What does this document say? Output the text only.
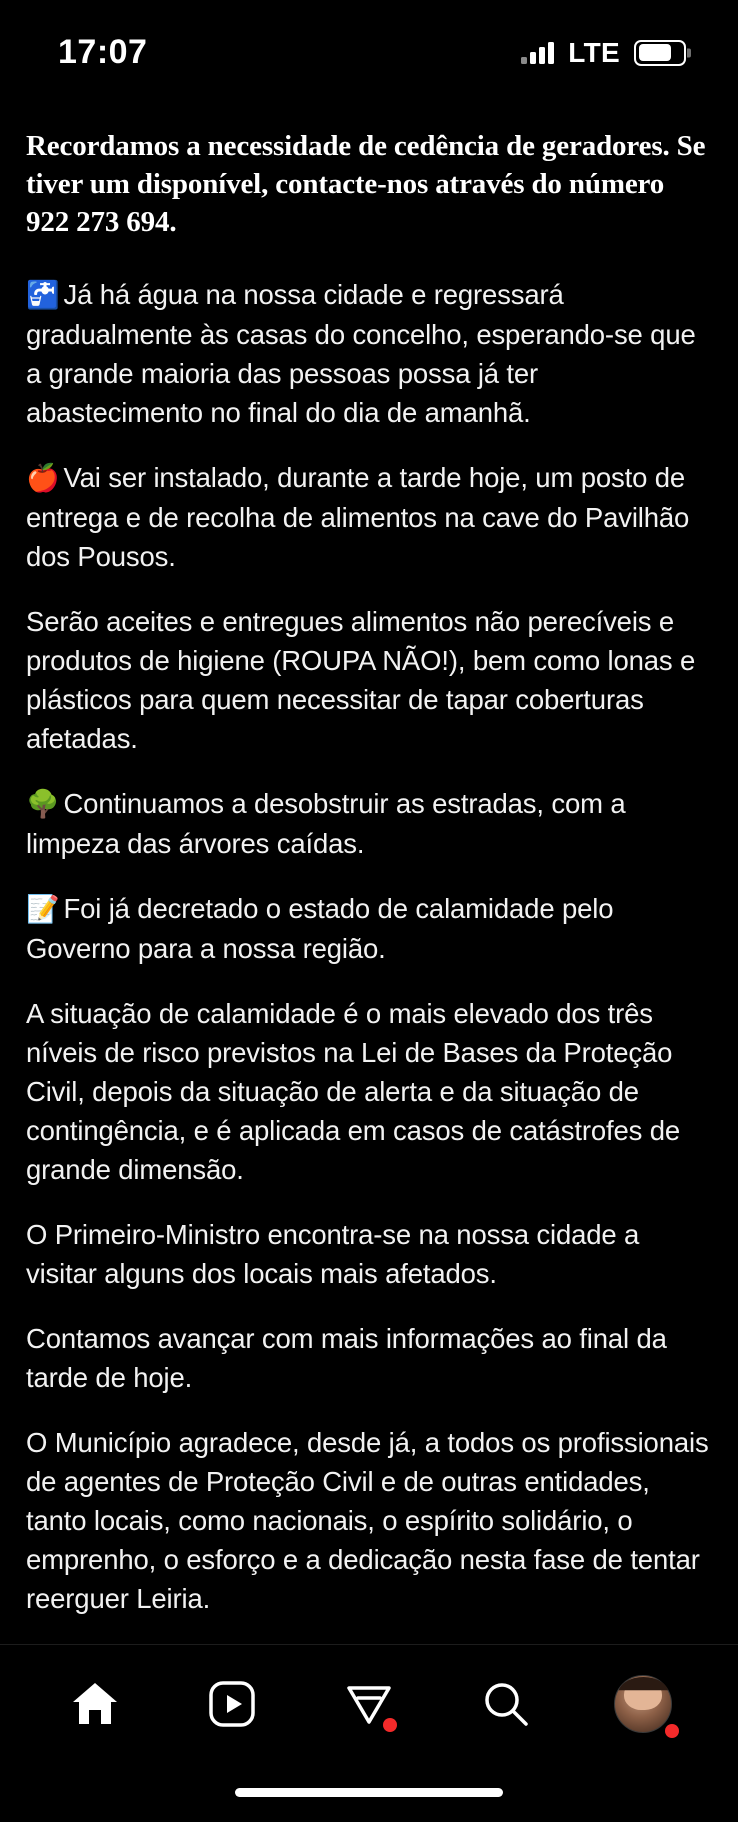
17:07	LTE

Recordamos a necessidade de cedência de geradores. Se tiver um disponível, contacte-nos através do número 922 273 694.

🚰 Já há água na nossa cidade e regressará gradualmente às casas do concelho, esperando-se que a grande maioria das pessoas possa já ter abastecimento no final do dia de amanhã.

🍎 Vai ser instalado, durante a tarde hoje, um posto de entrega e de recolha de alimentos na cave do Pavilhão dos Pousos.

Serão aceites e entregues alimentos não perecíveis e produtos de higiene (ROUPA NÃO!), bem como lonas e plásticos para quem necessitar de tapar coberturas afetadas.

🌳 Continuamos a desobstruir as estradas, com a limpeza das árvores caídas.

📝 Foi já decretado o estado de calamidade pelo Governo para a nossa região.

A situação de calamidade é o mais elevado dos três níveis de risco previstos na Lei de Bases da Proteção Civil, depois da situação de alerta e da situação de contingência, e é aplicada em casos de catástrofes de grande dimensão.

O Primeiro-Ministro encontra-se na nossa cidade a visitar alguns dos locais mais afetados.

Contamos avançar com mais informações ao final da tarde de hoje.

O Município agradece, desde já, a todos os profissionais de agentes de Proteção Civil e de outras entidades, tanto locais, como nacionais, o espírito solidário, o emprenho, o esforço e a dedicação nesta fase de tentar reerguer Leiria.
